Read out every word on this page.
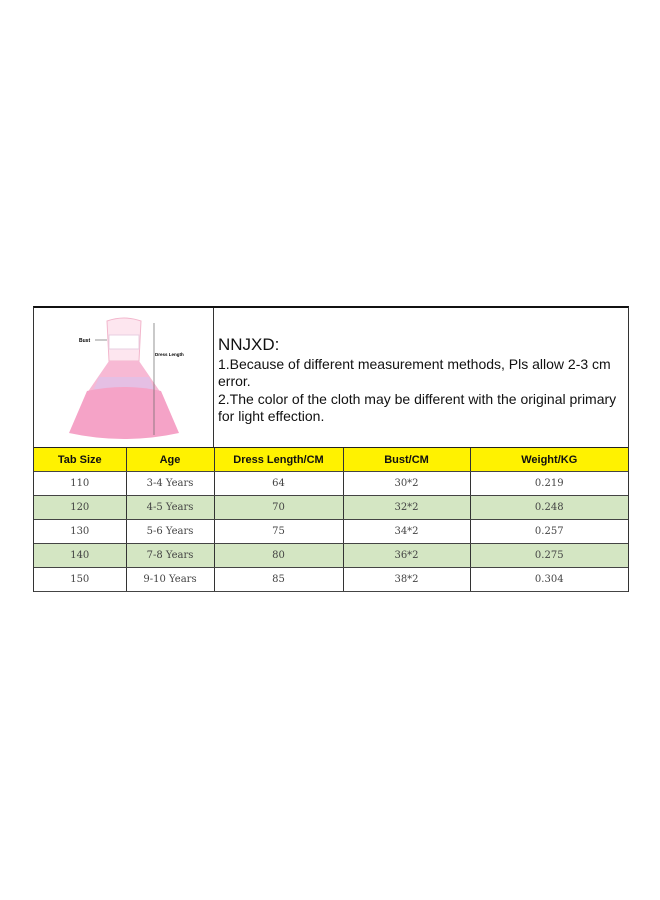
Bust
Dress Length NNJXD:
1.Because of different measurement methods, Pls allow 2-3 cm error.
2.The color of the cloth may be different with the original primary for light effection.
Tab Size	Age	Dress Length/CM	Bust/CM	Weight/KG
110	3-4 Years	64	30*2	0.219
120	4-5 Years	70	32*2	0.248
130	5-6 Years	75	34*2	0.257
140	7-8 Years	80	36*2	0.275
150	9-10 Years	85	38*2	0.304
